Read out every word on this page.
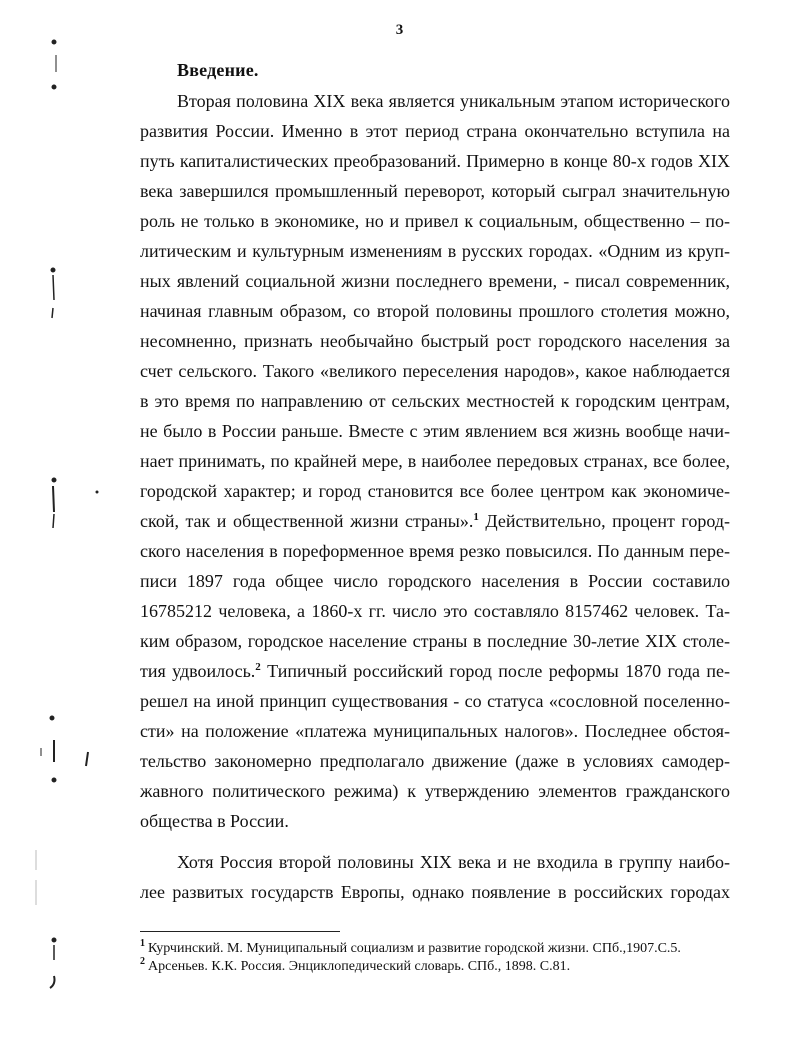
3
Введение.
Вторая половина XIX века является уникальным этапом исторического
развития России. Именно в этот период страна окончательно вступила на
путь капиталистических преобразований. Примерно в конце 80-х годов XIX
века завершился промышленный переворот, который сыграл значительную
роль не только в экономике, но и привел к социальным, общественно – по-
литическим и культурным изменениям в русских городах. «Одним из круп-
ных явлений социальной жизни последнего времени, - писал современник,
начиная главным образом, со второй половины прошлого столетия можно,
несомненно, признать необычайно быстрый рост городского населения за
счет сельского. Такого «великого переселения народов», какое наблюдается
в это время по направлению от сельских местностей к городским центрам,
не было в России раньше. Вместе с этим явлением вся жизнь вообще начи-
нает принимать, по крайней мере, в наиболее передовых странах, все более,
городской характер; и город становится все более центром как экономиче-
ской, так и общественной жизни страны».$^1$ Действительно, процент город-
ского населения в пореформенное время резко повысился. По данным пере-
писи 1897 года общее число городского населения в России составило
16785212 человека, а 1860-х гг. число это составляло 8157462 человек. Та-
ким образом, городское население страны в последние 30-летие XIX столе-
тия удвоилось.$^2$ Типичный российский город после реформы 1870 года пе-
решел на иной принцип существования - со статуса «сословной поселенно-
сти» на положение «платежа муниципальных налогов». Последнее обстоя-
тельство закономерно предполагало движение (даже в условиях самодер-
жавного политического режима) к утверждению элементов гражданского
общества в России.
Хотя Россия второй половины XIX века и не входила в группу наибо-
лее развитых государств Европы, однако появление в российских городах
$^1$ Курчинский. М. Муниципальный социализм и развитие городской жизни. СПб.,1907.С.5.
$^2$ Арсеньев. К.К. Россия. Энциклопедический словарь. СПб., 1898. С.81.
